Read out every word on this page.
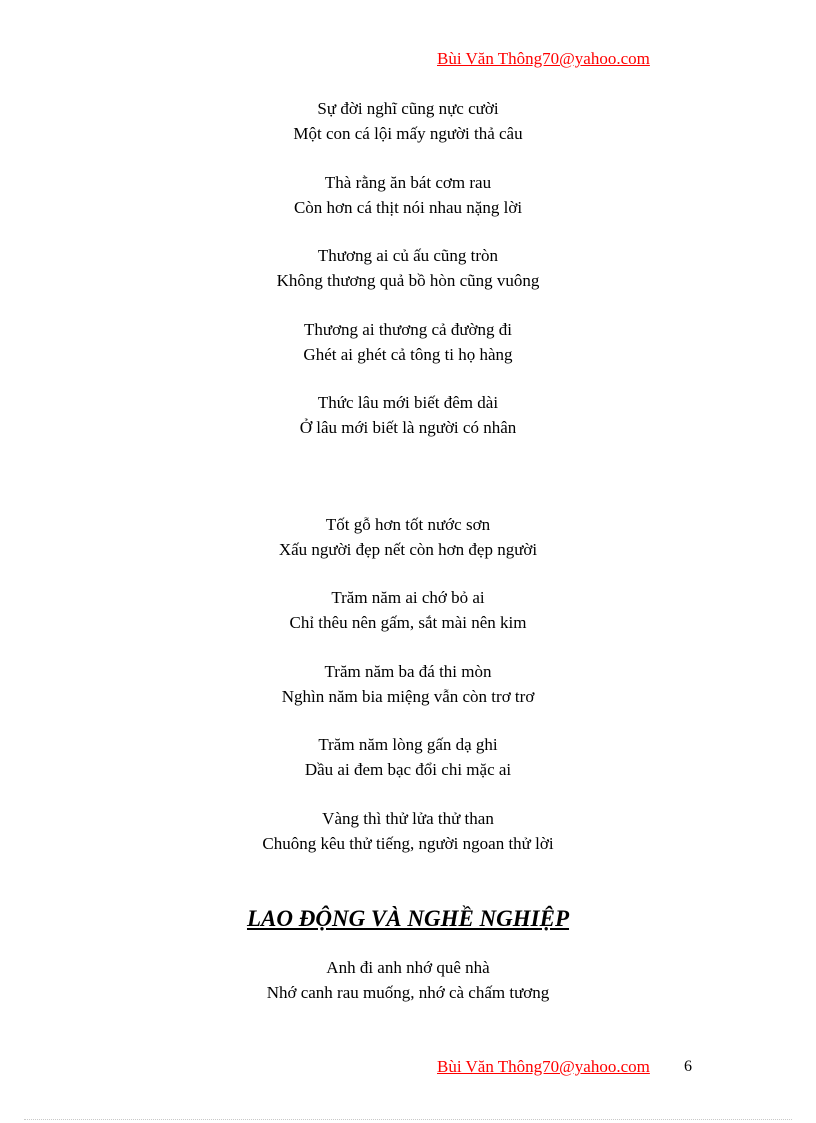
Bùi Văn Thông70@yahoo.com
Sự đời nghĩ cũng nực cười
Một con cá lội mấy người thả câu
Thà rằng ăn bát cơm rau
Còn hơn cá thịt nói nhau nặng lời
Thương ai củ ấu cũng tròn
Không thương quả bồ hòn cũng vuông
Thương ai thương cả đường đi
Ghét ai ghét cả tông ti họ hàng
Thức lâu mới biết đêm dài
Ở lâu mới biết là người có nhân
Tốt gỗ hơn tốt nước sơn
Xấu người đẹp nết còn hơn đẹp người
Trăm năm ai chớ bỏ ai
Chỉ thêu nên gấm, sắt mài nên kim
Trăm năm ba đá thi mòn
Nghìn năm bia miệng vẫn còn trơ trơ
Trăm năm lòng gấn dạ ghi
Dầu ai đem bạc đổi chi mặc ai
Vàng thì thử lửa thử than
Chuông kêu thử tiếng, người ngoan thử lời
LAO ĐỘNG VÀ NGHỀ NGHIỆP
Anh đi anh nhớ quê nhà
Nhớ canh rau muống, nhớ cà chấm tương
Bùi Văn Thông70@yahoo.com 6
